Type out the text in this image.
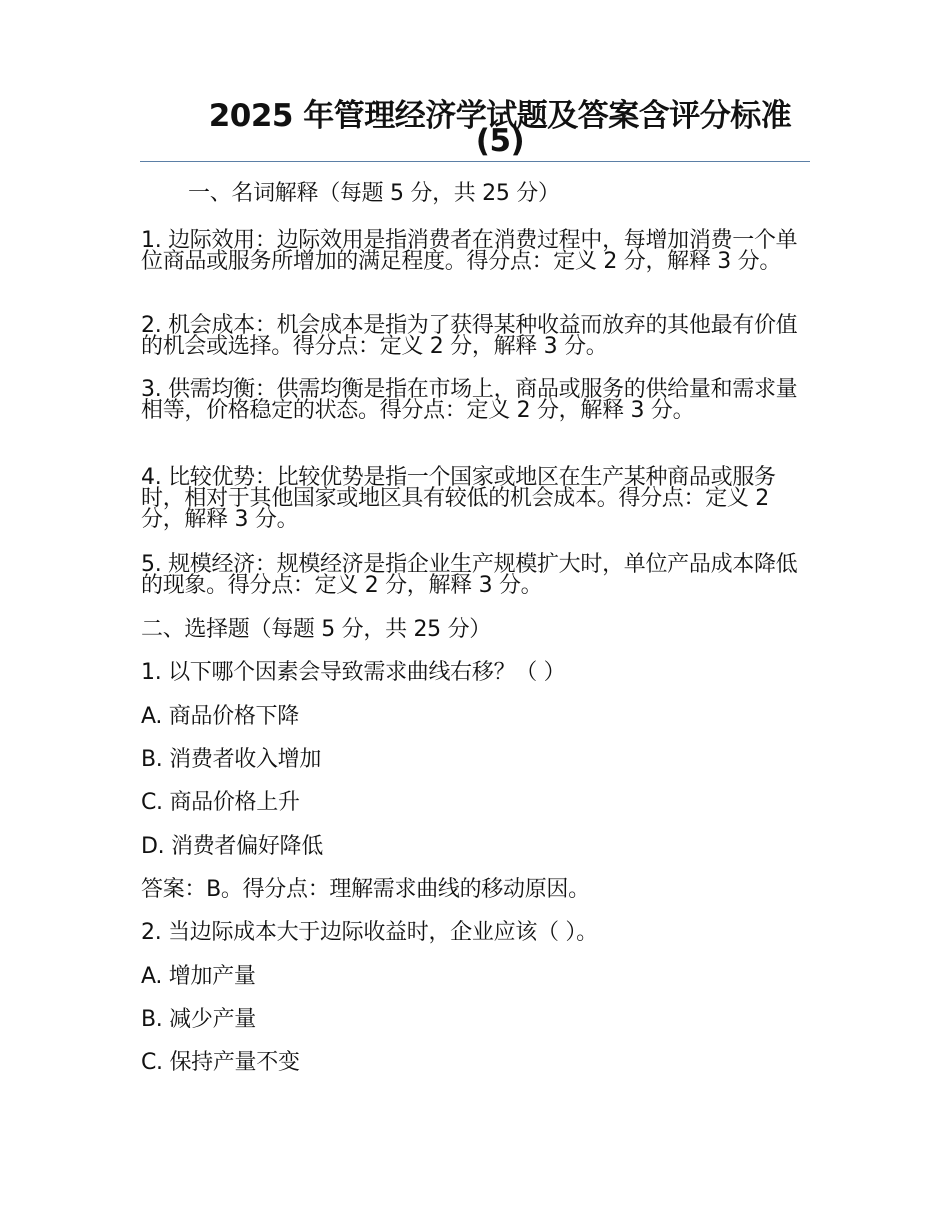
2025 年管理经济学试题及答案含评分标准(5)

一、名词解释（每题 5 分，共 25 分）

1. 边际效用：边际效用是指消费者在消费过程中，每增加消费一个单位商品或服务所增加的满足程度。得分点：定义 2 分，解释 3 分。

2. 机会成本：机会成本是指为了获得某种收益而放弃的其他最有价值的机会或选择。得分点：定义 2 分，解释 3 分。

3. 供需均衡：供需均衡是指在市场上，商品或服务的供给量和需求量相等，价格稳定的状态。得分点：定义 2 分，解释 3 分。

4. 比较优势：比较优势是指一个国家或地区在生产某种商品或服务时，相对于其他国家或地区具有较低的机会成本。得分点：定义 2 分，解释 3 分。

5. 规模经济：规模经济是指企业生产规模扩大时，单位产品成本降低的现象。得分点：定义 2 分，解释 3 分。

二、选择题（每题 5 分，共 25 分）

1. 以下哪个因素会导致需求曲线右移？（ ）

A. 商品价格下降

B. 消费者收入增加

C. 商品价格上升

D. 消费者偏好降低

答案：B。得分点：理解需求曲线的移动原因。

2. 当边际成本大于边际收益时，企业应该（ ）。

A. 增加产量

B. 减少产量

C. 保持产量不变
